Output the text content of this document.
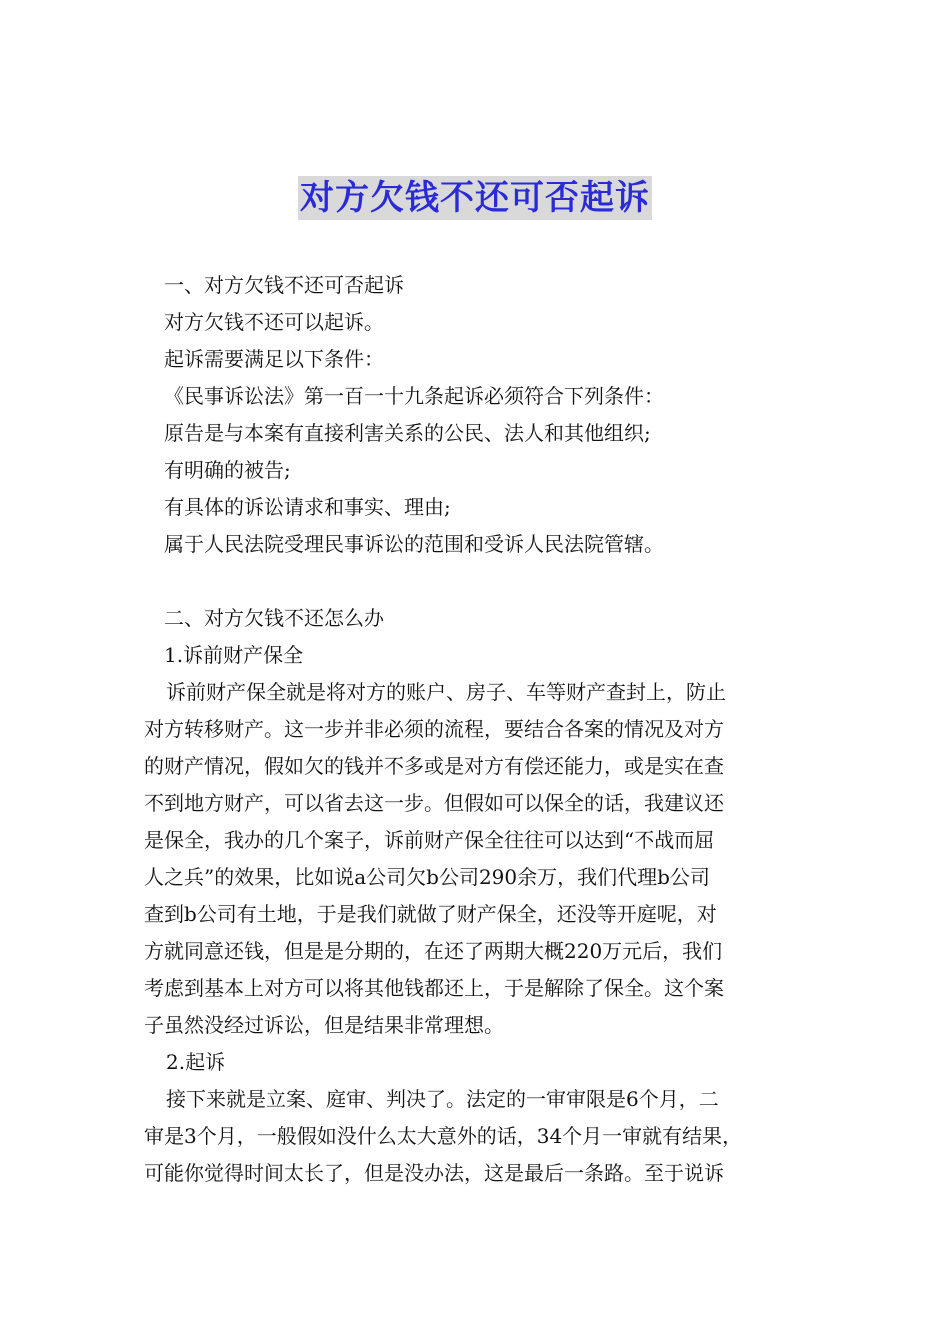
对方欠钱不还可否起诉
一、对方欠钱不还可否起诉
对方欠钱不还可以起诉。
起诉需要满足以下条件：
《民事诉讼法》第一百一十九条起诉必须符合下列条件：
原告是与本案有直接利害关系的公民、法人和其他组织;
有明确的被告;
有具体的诉讼请求和事实、理由;
属于人民法院受理民事诉讼的范围和受诉人民法院管辖。
二、对方欠钱不还怎么办
1.诉前财产保全
诉前财产保全就是将对方的账户、房子、车等财产查封上，防止
对方转移财产。这一步并非必须的流程，要结合各案的情况及对方
的财产情况，假如欠的钱并不多或是对方有偿还能力，或是实在查
不到地方财产，可以省去这一步。但假如可以保全的话，我建议还
是保全，我办的几个案子，诉前财产保全往往可以达到“不战而屈
人之兵”的效果，比如说a公司欠b公司290余万，我们代理b公司
查到b公司有土地，于是我们就做了财产保全，还没等开庭呢，对
方就同意还钱，但是是分期的，在还了两期大概220万元后，我们
考虑到基本上对方可以将其他钱都还上，于是解除了保全。这个案
子虽然没经过诉讼，但是结果非常理想。
2.起诉
接下来就是立案、庭审、判决了。法定的一审审限是6个月，二
审是3个月，一般假如没什么太大意外的话，34个月一审就有结果，
可能你觉得时间太长了，但是没办法，这是最后一条路。至于说诉
